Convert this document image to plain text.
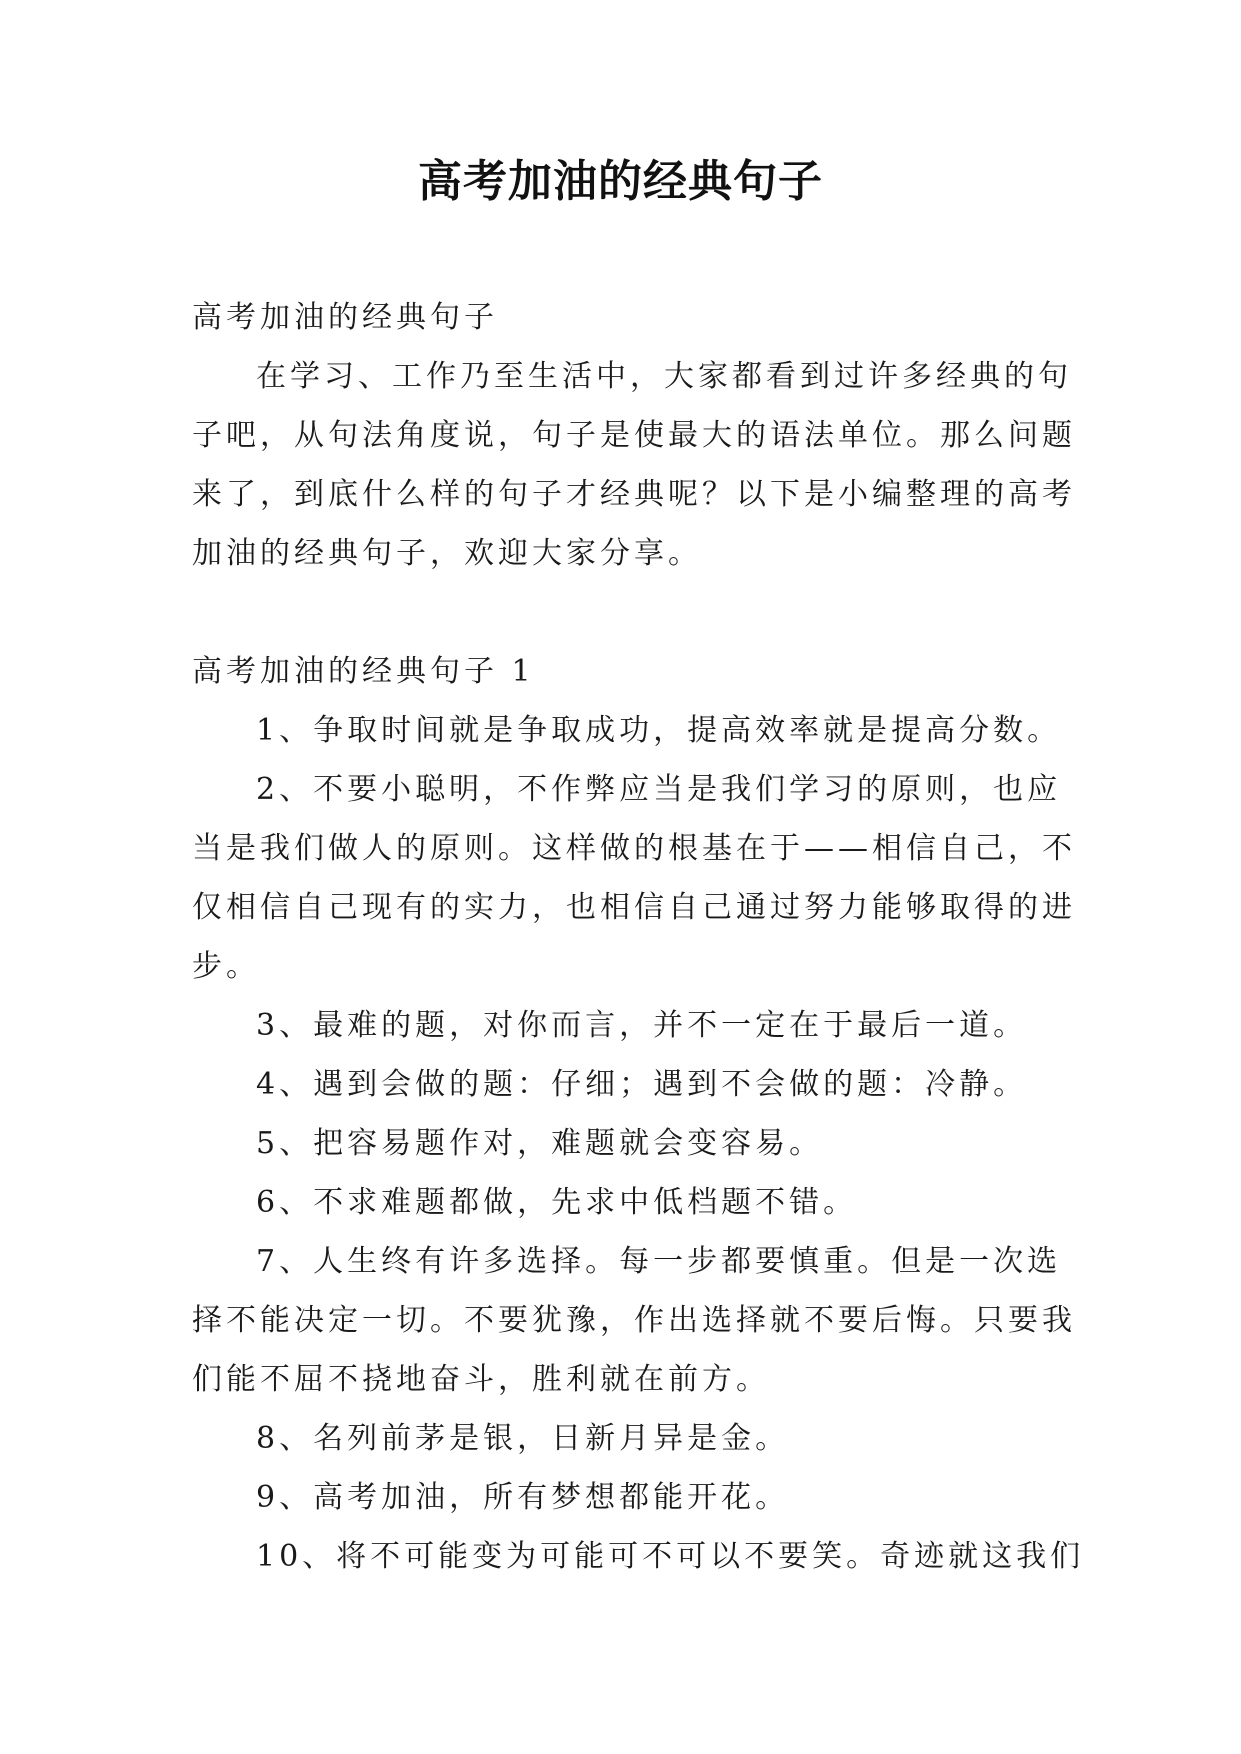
高考加油的经典句子

高考加油的经典句子

在学习、工作乃至生活中，大家都看到过许多经典的句

子吧，从句法角度说，句子是使最大的语法单位。那么问题

来了，到底什么样的句子才经典呢？以下是小编整理的高考

加油的经典句子，欢迎大家分享。

高考加油的经典句子 1

1、争取时间就是争取成功，提高效率就是提高分数。

2、不要小聪明，不作弊应当是我们学习的原则，也应

当是我们做人的原则。这样做的根基在于——相信自己，不

仅相信自己现有的实力，也相信自己通过努力能够取得的进

步。

3、最难的题，对你而言，并不一定在于最后一道。

4、遇到会做的题：仔细；遇到不会做的题：冷静。

5、把容易题作对，难题就会变容易。

6、不求难题都做，先求中低档题不错。

7、人生终有许多选择。每一步都要慎重。但是一次选

择不能决定一切。不要犹豫，作出选择就不要后悔。只要我

们能不屈不挠地奋斗，胜利就在前方。

8、名列前茅是银，日新月异是金。

9、高考加油，所有梦想都能开花。

10、将不可能变为可能可不可以不要笑。奇迹就这我们
